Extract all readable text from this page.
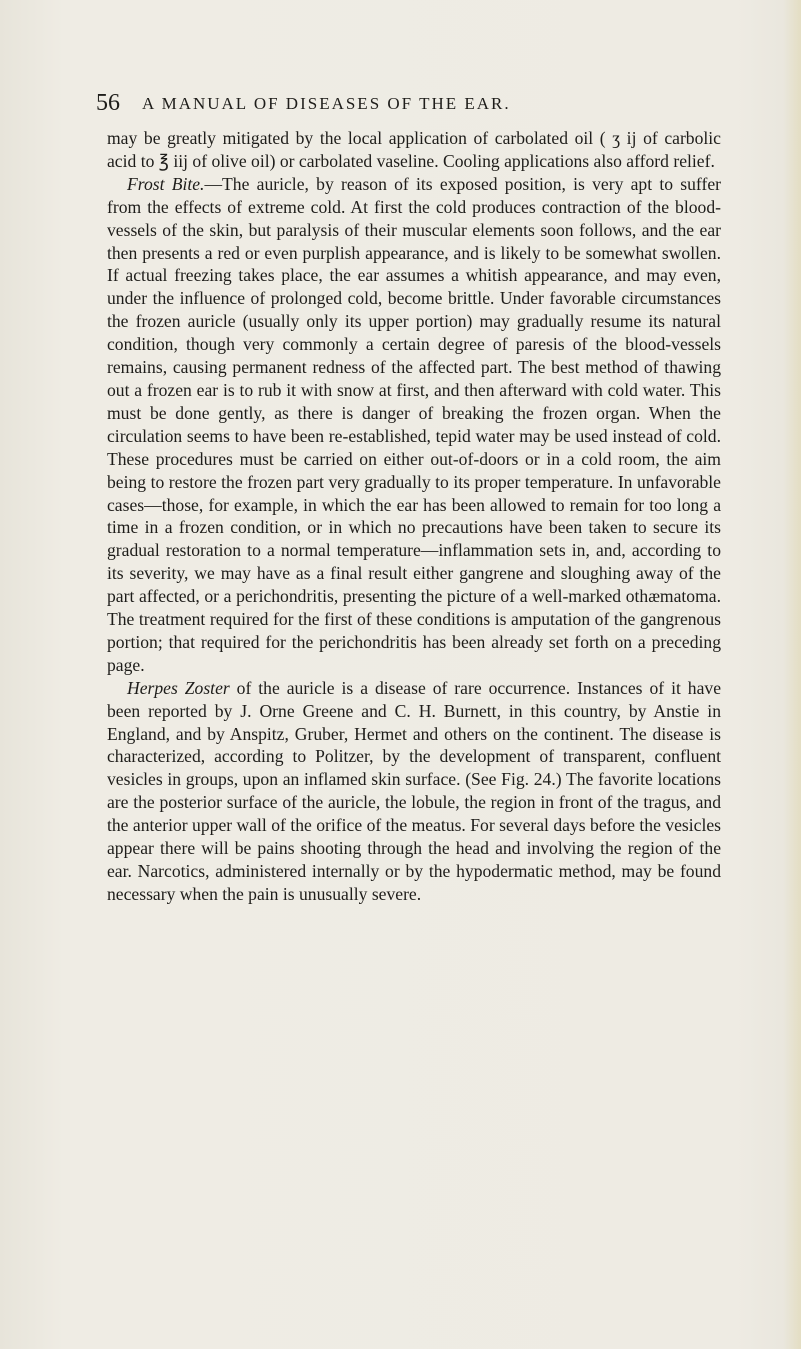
56 A MANUAL OF DISEASES OF THE EAR.

may be greatly mitigated by the local application of carbolated oil ( ʒ ij of carbolic acid to ℥ iij of olive oil) or carbolated vaseline. Cooling applications also afford relief.

Frost Bite.—The auricle, by reason of its exposed position, is very apt to suffer from the effects of extreme cold. At first the cold produces contraction of the blood-vessels of the skin, but paralysis of their muscular elements soon follows, and the ear then presents a red or even purplish appearance, and is likely to be somewhat swollen. If actual freezing takes place, the ear assumes a whitish appearance, and may even, under the influence of prolonged cold, become brittle. Under favorable circumstances the frozen auricle (usually only its upper portion) may gradually resume its natural condition, though very commonly a certain degree of paresis of the blood-vessels remains, causing permanent redness of the affected part. The best method of thawing out a frozen ear is to rub it with snow at first, and then afterward with cold water. This must be done gently, as there is danger of breaking the frozen organ. When the circulation seems to have been re-established, tepid water may be used instead of cold. These procedures must be carried on either out-of-doors or in a cold room, the aim being to restore the frozen part very gradually to its proper temperature. In unfavorable cases—those, for example, in which the ear has been allowed to remain for too long a time in a frozen condition, or in which no precautions have been taken to secure its gradual restoration to a normal temperature—inflammation sets in, and, according to its severity, we may have as a final result either gangrene and sloughing away of the part affected, or a perichondritis, presenting the picture of a well-marked othæmatoma. The treatment required for the first of these conditions is amputation of the gangrenous portion; that required for the perichondritis has been already set forth on a preceding page.

Herpes Zoster of the auricle is a disease of rare occurrence. Instances of it have been reported by J. Orne Greene and C. H. Burnett, in this country, by Anstie in England, and by Anspitz, Gruber, Hermet and others on the continent. The disease is characterized, according to Politzer, by the development of transparent, confluent vesicles in groups, upon an inflamed skin surface. (See Fig. 24.) The favorite locations are the posterior surface of the auricle, the lobule, the region in front of the tragus, and the anterior upper wall of the orifice of the meatus. For several days before the vesicles appear there will be pains shooting through the head and involving the region of the ear. Narcotics, administered internally or by the hypodermatic method, may be found necessary when the pain is unusually severe.
